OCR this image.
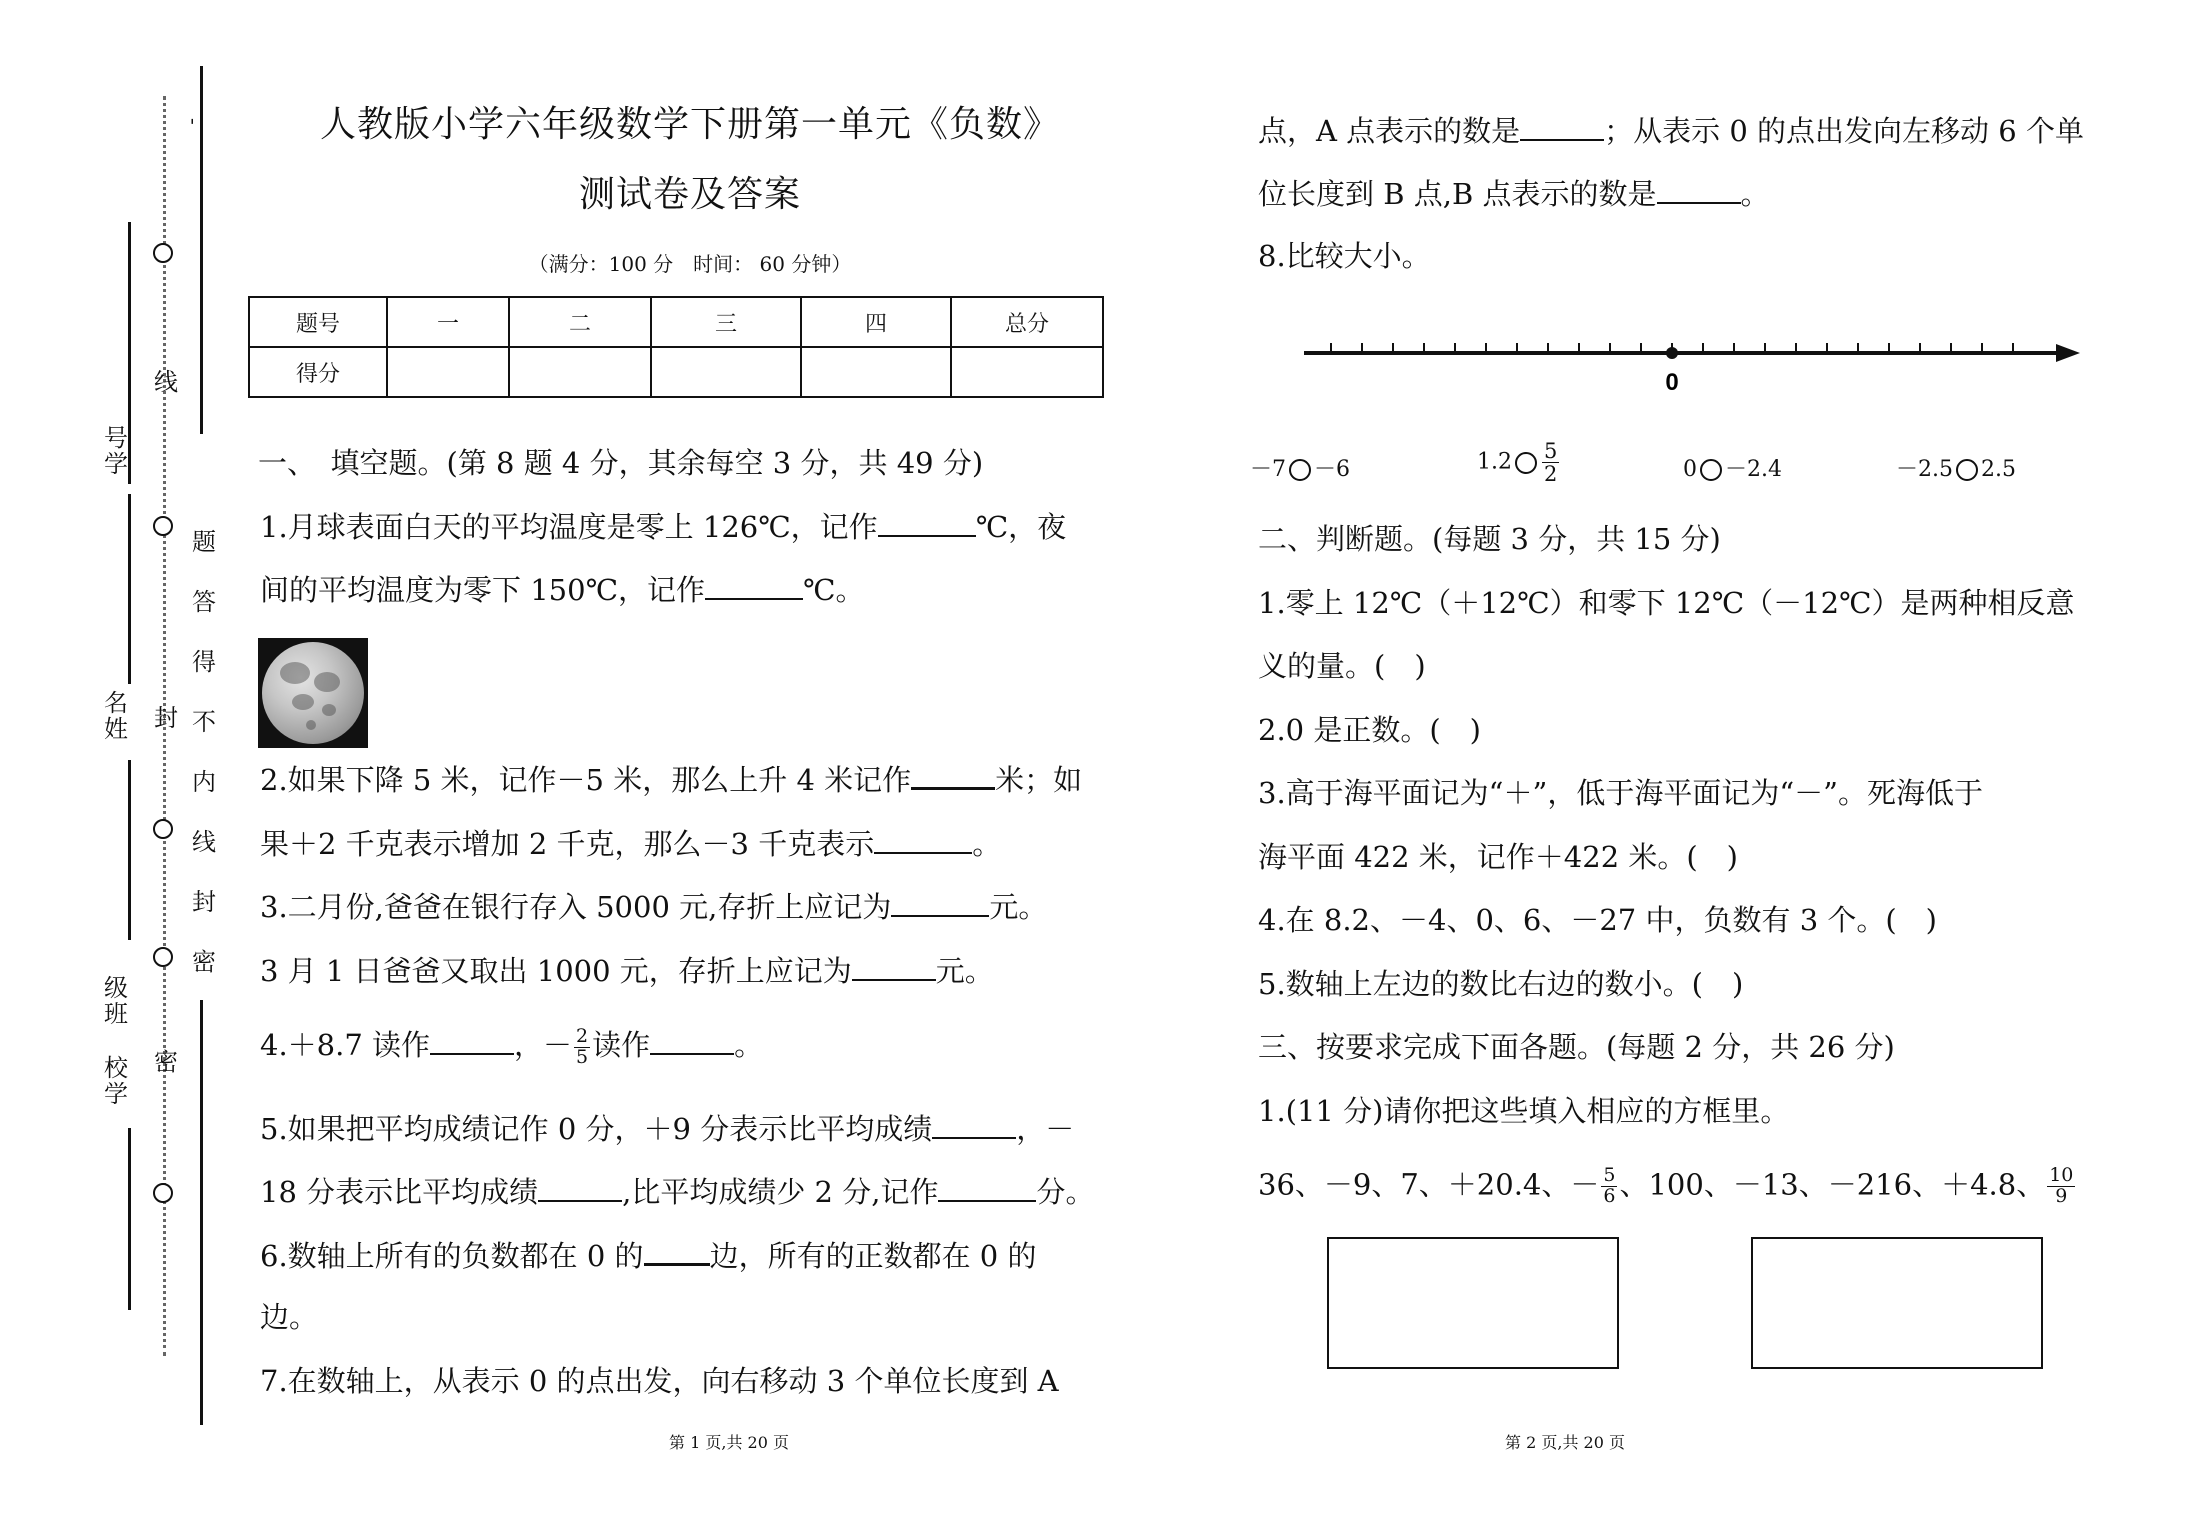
-
号学
名姓
级班
校学
线
封
密
题
答
得
不
内
线
封
密
人教版小学六年级数学下册第一单元《负数》
测试卷及答案
（满分：100 分　时间： 60 分钟）
题号	一	二	三	四	总分
得分					
一、　填空题。(第 8 题 4 分，其余每空 3 分，共 49 分)
1.月球表面白天的平均温度是零上 126℃，记作	℃，夜
间的平均温度为零下 150℃，记作	℃。
2.如果下降 5 米，记作－5 米，那么上升 4 米记作	米；如
果＋2 千克表示增加 2 千克，那么－3 千克表示	。
3.二月份,爸爸在银行存入 5000 元,存折上应记为	元。
3 月 1 日爸爸又取出 1000 元，存折上应记为	元。
4.＋8.7 读作	，－ $\frac{2}{5}$ 读作	。
5.如果把平均成绩记作 0 分，＋9 分表示比平均成绩	，－
18 分表示比平均成绩	,比平均成绩少 2 分,记作	分。
6.数轴上所有的负数都在 0 的 边，所有的正数都在 0 的
边。
7.在数轴上，从表示 0 的点出发，向右移动 3 个单位长度到 A
第 1 页,共 20 页
点，A 点表示的数是	；从表示 0 的点出发向左移动 6 个单
位长度到 B 点,B 点表示的数是	。
8.比较大小。
0
－7 －6	$1.2 \frac{5}{2}$	0 －2.4	－2.5 2.5
二、判断题。(每题 3 分，共 15 分)
1.零上 12℃（＋12℃）和零下 12℃（－12℃）是两种相反意
义的量。(　)
2.0 是正数。(　)
3.高于海平面记为“＋”，低于海平面记为“－”。死海低于
海平面 422 米，记作＋422 米。(　)
4.在 8.2、－4、0、6、－27 中，负数有 3 个。(　)
5.数轴上左边的数比右边的数小。(　)
三、按要求完成下面各题。(每题 2 分，共 26 分)
1.(11 分)请你把这些填入相应的方框里。
36、－9、7、＋20.4、－ $\frac{5}{6}$ 、100、－13、－216、＋4.8、 $\frac{10}{9}$
第 2 页,共 20 页
